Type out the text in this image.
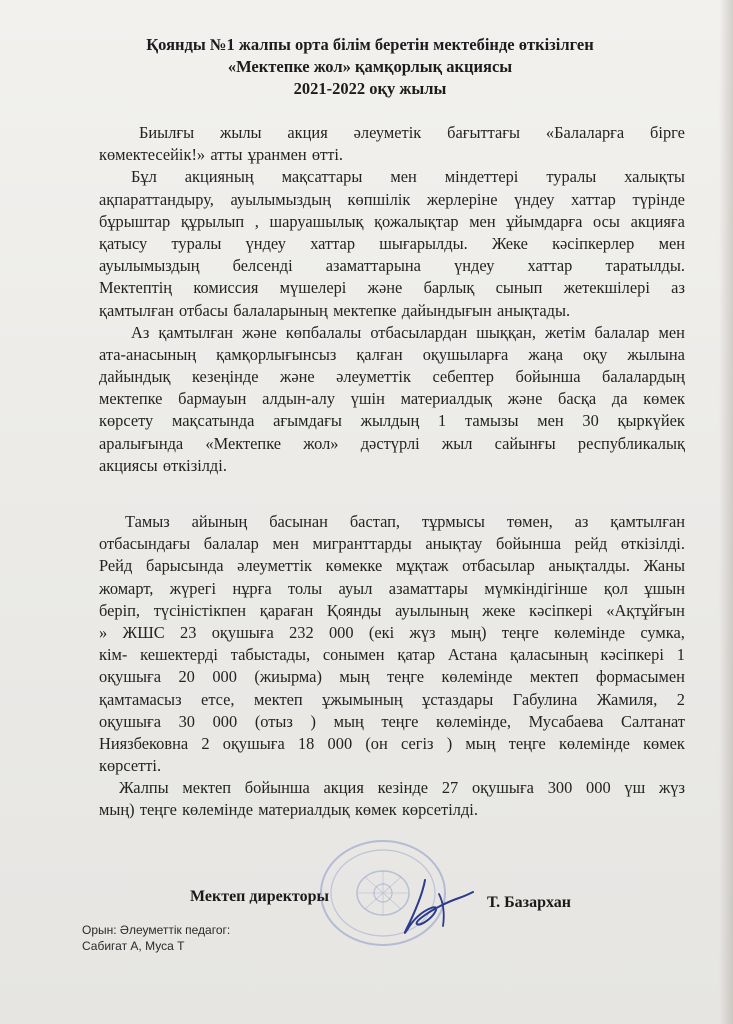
Қоянды №1 жалпы орта білім беретін мектебінде өткізілген
«Мектепке жол» қамқорлық акциясы
2021-2022 оқу жылы
Биылғы жылы акция әлеуметік бағыттағы «Балаларға бірге
көмектесейік!» атты ұранмен өтті.
Бұл акцияның мақсаттары мен міндеттері туралы халықты
ақпараттандыру, ауылымыздың көпшілік жерлеріне үндеу хаттар түрінде
бұрыштар құрылып , шаруашылық қожалықтар мен ұйымдарға осы акцияға
қатысу туралы үндеу хаттар шығарылды. Жеке кәсіпкерлер мен
ауылымыздың белсенді азаматтарына үндеу хаттар таратылды.
Мектептің комиссия мүшелері және барлық сынып жетекшілері аз
қамтылған отбасы балаларының мектепке дайындығын анықтады.
Аз қамтылған және көпбалалы отбасылардан шыққан, жетім балалар мен
ата-анасының қамқорлығынсыз қалған оқушыларға жаңа оқу жылына
дайындық кезеңінде және әлеуметтік себептер бойынша балалардың
мектепке бармауын алдын-алу үшін материалдық және басқа да көмек
көрсету мақсатында ағымдағы жылдың 1 тамызы мен 30 қыркүйек
аралығында «Мектепке жол» дәстүрлі жыл сайынғы республикалық
акциясы өткізілді.
Тамыз айының басынан бастап, тұрмысы төмен, аз қамтылған
отбасындағы балалар мен мигранттарды анықтау бойынша рейд өткізілді.
Рейд барысында әлеуметтік көмекке мұқтаж отбасылар анықталды. Жаны
жомарт, жүрегі нұрға толы ауыл азаматтары мүмкіндігінше қол ұшын
беріп, түсіністікпен қараған Қоянды ауылының жеке кәсіпкері «Ақтұйғын
» ЖШС 23 оқушыға 232 000 (екі жүз мың) теңге көлемінде сумка,
кім- кешектерді табыстады, сонымен қатар Астана қаласының кәсіпкері 1
оқушыға 20 000 (жиырма) мың теңге көлемінде мектеп формасымен
қамтамасыз етсе, мектеп ұжымының ұстаздары Габулина Жамиля, 2
оқушыға 30 000 (отыз ) мың теңге көлемінде, Мусабаева Салтанат
Ниязбековна 2 оқушыға 18 000 (он сегіз ) мың теңге көлемінде көмек
көрсетті.
Жалпы мектеп бойынша акция кезінде 27 оқушыға 300 000 үш жүз
мың) теңге көлемінде материалдық көмек көрсетілді.
Мектеп директоры	Т. Базархан
Орын: Әлеуметтік педагог:
Сабигат А, Муса Т
